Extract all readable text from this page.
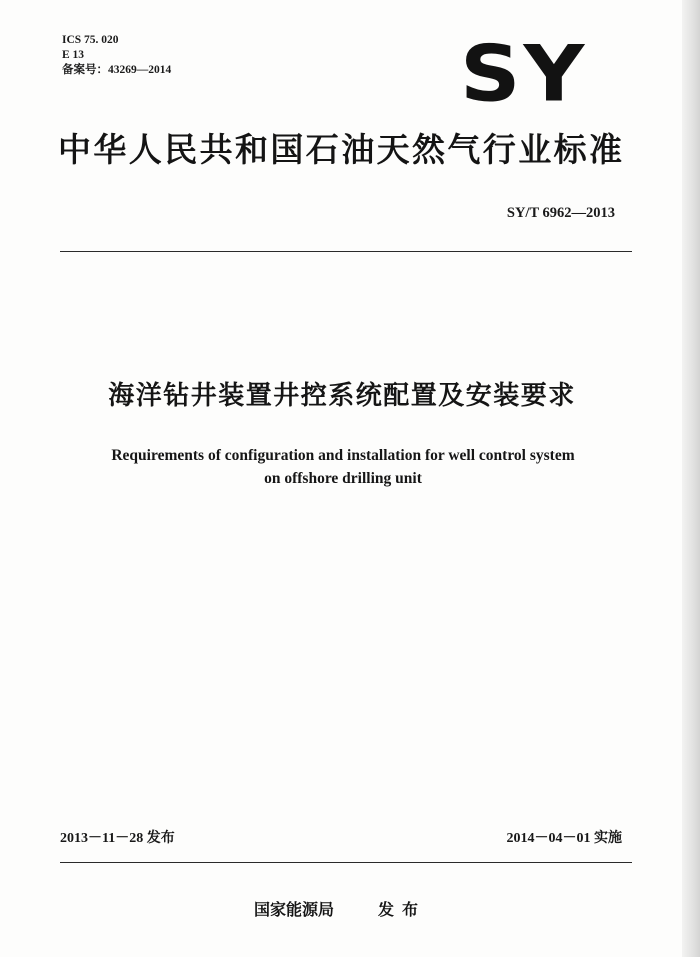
ICS 75. 020
E 13
备案号：43269—2014	SY
中华人民共和国石油天然气行业标准
SY/T 6962—2013
海洋钻井装置井控系统配置及安装要求
Requirements of configuration and installation for well control system
on offshore drilling unit
2013－11－28 发布	2014－04－01 实施
国家能源局	发布
